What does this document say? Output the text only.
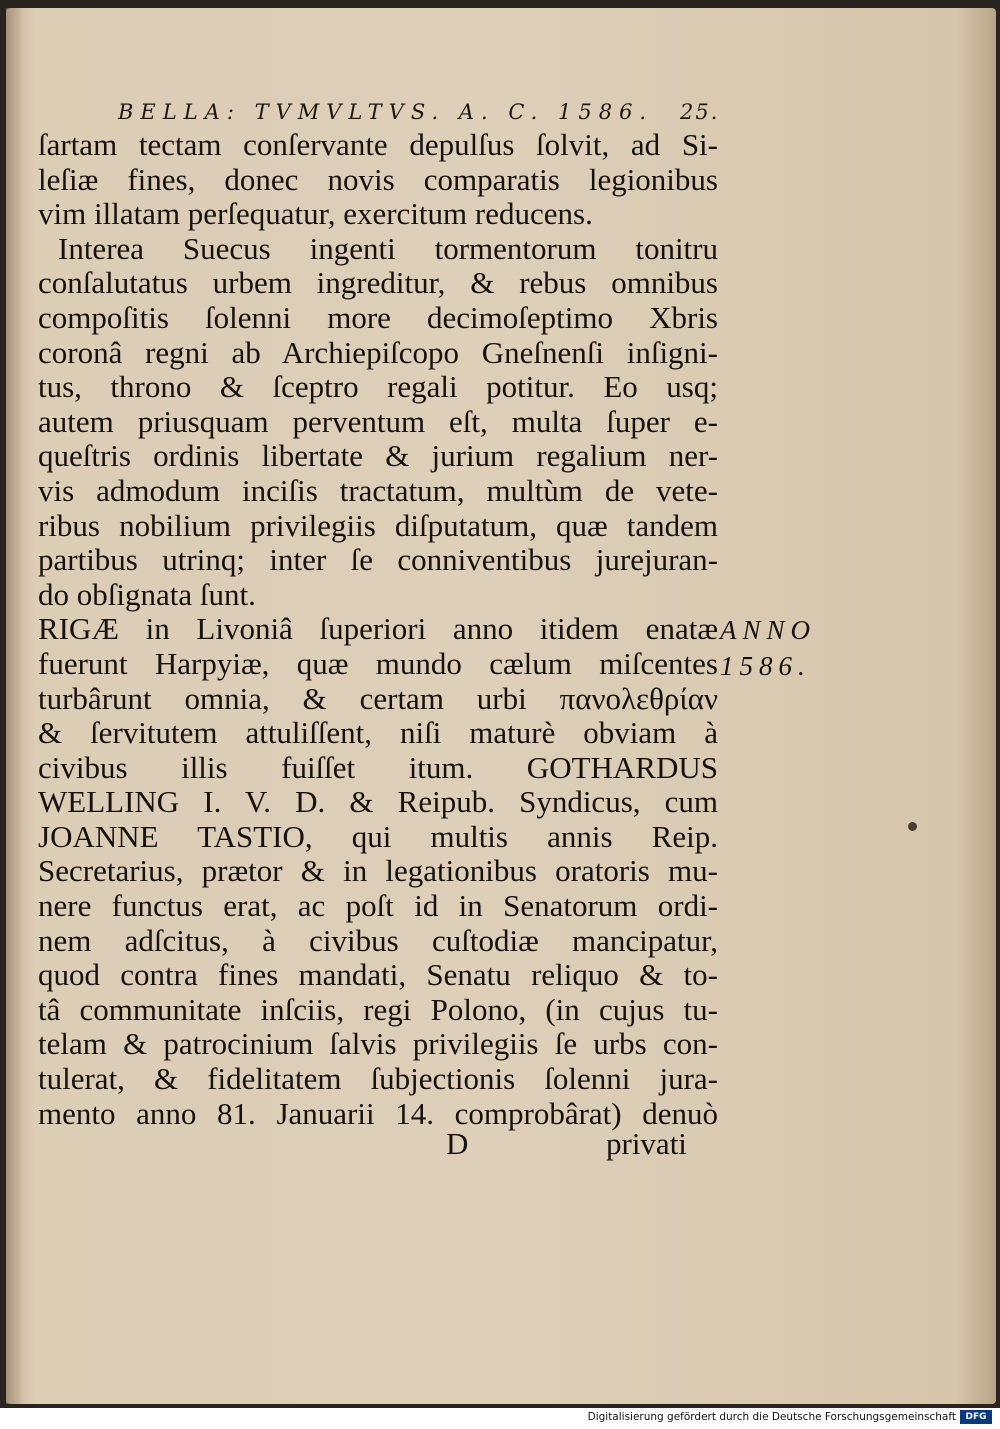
BELLA: TVMVLTVS. A. C. 1586.	25.
ſartam tectam conſervante depulſus ſolvit, ad Si-
leſiæ fines, donec novis comparatis legionibus
vim illatam perſequatur, exercitum reducens.
Interea Suecus ingenti tormentorum tonitru
conſalutatus urbem ingreditur, & rebus omnibus
compoſitis ſolenni more decimoſeptimo Xbris
coronâ regni ab Archiepiſcopo Gneſnenſi inſigni-
tus, throno & ſceptro regali potitur. Eo usq;
autem priusquam perventum eſt, multa ſuper e-
queſtris ordinis libertate & jurium regalium ner-
vis admodum inciſis tractatum, multùm de vete-
ribus nobilium privilegiis diſputatum, quæ tandem
partibus utrinq; inter ſe conniventibus jurejuran-
do obſignata ſunt.
RIGÆ in Livoniâ ſuperiori anno itidem enatæ
fuerunt Harpyiæ, quæ mundo cælum miſcentes
turbârunt omnia, & certam urbi πανολεθρίαν
& ſervitutem attuliſſent, niſi maturè obviam à
civibus illis fuiſſet itum. GOTHARDUS
WELLING I. V. D. & Reipub. Syndicus, cum
JOANNE TASTIO, qui multis annis Reip.
Secretarius, prætor & in legationibus oratoris mu-
nere functus erat, ac poſt id in Senatorum ordi-
nem adſcitus, à civibus cuſtodiæ mancipatur,
quod contra fines mandati, Senatu reliquo & to-
tâ communitate inſciis, regi Polono, (in cujus tu-
telam & patrocinium ſalvis privilegiis ſe urbs con-
tulerat, & fidelitatem ſubjectionis ſolenni jura-
mento anno 81. Januarii 14. comprobârat) denuò
ANNO
1586.
D	privati
Digitalisierung gefördert durch die Deutsche Forschungsgemeinschaft	DFG
